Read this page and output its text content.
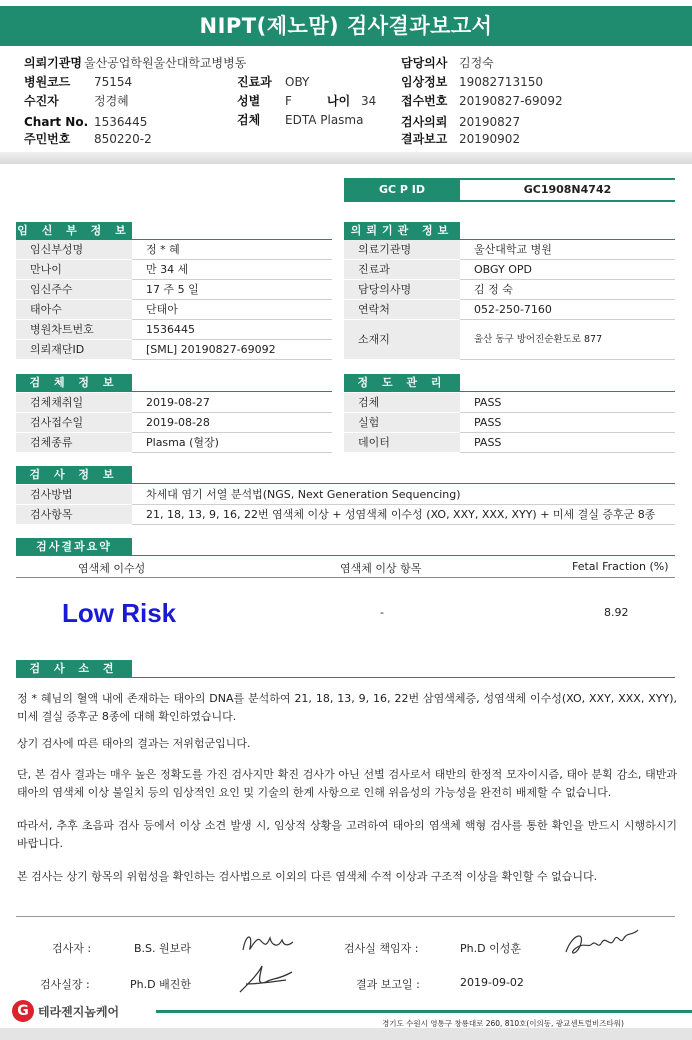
NIPT(제노맘) 검사결과보고서
의뢰기관명 울산공업학원울산대학교병병동
병원코드 75154
수진자	정경혜
Chart No. 1536445
주민번호 850220-2
진료과 OBY
성별 F	나이 34
검체 EDTA Plasma
담당의사 김정숙
임상정보 19082713150
접수번호 20190827-69092
검사의뢰 20190827
결과보고 20190902
GC P ID	GC1908N4742
임 신 부 정 보
임신부성명	정 * 혜
만나이	만 34 세
임신주수	17 주 5 일
태아수	단태아
병원차트번호	1536445
의뢰재단ID	[SML] 20190827-69092
의뢰기관 정보
의료기관명	울산대학교 병원
진료과	OBGY OPD
담당의사명	김 정 숙
연락처	052-250-7160
소재지	울산 동구 방어진순환도로 877
검 체 정 보
검체채취일	2019-08-27
검사접수일	2019-08-28
검체종류	Plasma (혈장)
정 도 관 리
검체	PASS
실험	PASS
데이터	PASS
검 사 정 보
검사방법	차세대 염기 서열 분석법(NGS, Next Generation Sequencing)
검사항목	21, 18, 13, 9, 16, 22번 염색체 이상 + 성염색체 이수성 (XO, XXY, XXX, XYY) + 미세 결실 증후군 8종
검사결과요약
염색체 이수성	염색체 이상 항목	Fetal Fraction (%)
Low Risk	-	8.92
검 사 소 견
정 * 혜님의 혈액 내에 존재하는 태아의 DNA를 분석하여 21, 18, 13, 9, 16, 22번 삼염색체증, 성염색체 이수성(XO, XXY, XXX, XYY), 미세 결실 증후군 8종에 대해 확인하였습니다.
상기 검사에 따른 태아의 결과는 저위험군입니다.
단, 본 검사 결과는 매우 높은 정확도를 가진 검사지만 확진 검사가 아닌 선별 검사로서 태반의 한정적 모자이시즘, 태아 분획 감소, 태반과 태아의 염색체 이상 불일치 등의 임상적인 요인 및 기술의 한계 사항으로 인해 위음성의 가능성을 완전히 배제할 수 없습니다.
따라서, 추후 초음파 검사 등에서 이상 소견 발생 시, 임상적 상황을 고려하여 태아의 염색체 핵형 검사를 통한 확인을 반드시 시행하시기 바랍니다.
본 검사는 상기 항목의 위험성을 확인하는 검사법으로 이외의 다른 염색체 수적 이상과 구조적 이상을 확인할 수 없습니다.
검사자 :	B.S. 원보라	검사실 책임자 :	Ph.D 이성훈
검사실장 :	Ph.D 배진한	결과 보고일 :	2019-09-02
G 테라젠지놈케어
경기도 수원시 영통구 창룡대로 260, 810호(이의동, 광교센트럴비즈타워)
